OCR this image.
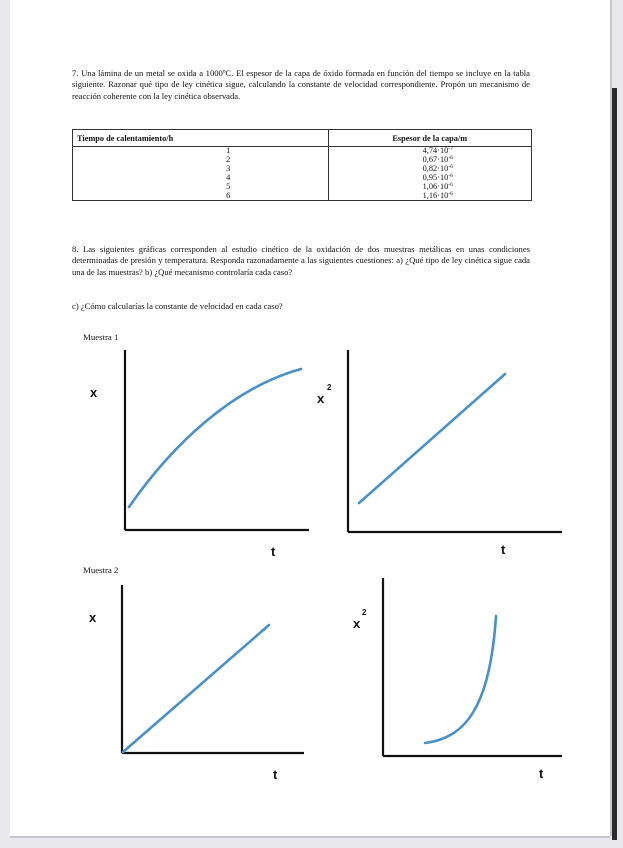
7. Una lámina de un metal se oxida a 1000ºC. El espesor de la capa de óxido formada en función del tiempo se incluye en la tabla siguiente. Razonar qué tipo de ley cinética sigue, calculando la constante de velocidad correspondiente. Propón un mecanismo de reacción coherente con la ley cinética observada.
Tiempo de calentamiento/h	Espesor de la capa/m
1	$4,74\cdot 10^{-7}$
2	$0,67\cdot 10^{-6}$
3	$0,82\cdot 10^{-6}$
4	$0,95\cdot 10^{-6}$
5	$1,06\cdot 10^{-6}$
6	$1,16\cdot 10^{-6}$
8. Las siguientes gráficas corresponden al estudio cinético de la oxidación de dos muestras metálicas en unas condiciones determinadas de presión y temperatura. Responda razonadamente a las siguientes cuestiones: a) ¿Qué tipo de ley cinética sigue cada una de las muestras? b) ¿Qué mecanismo controlaría cada caso?
c) ¿Cómo calcularías la constante de velocidad en cada caso?
Muestra 1
Muestra 2
x
t
x
2
t
x
t
x
2
t
